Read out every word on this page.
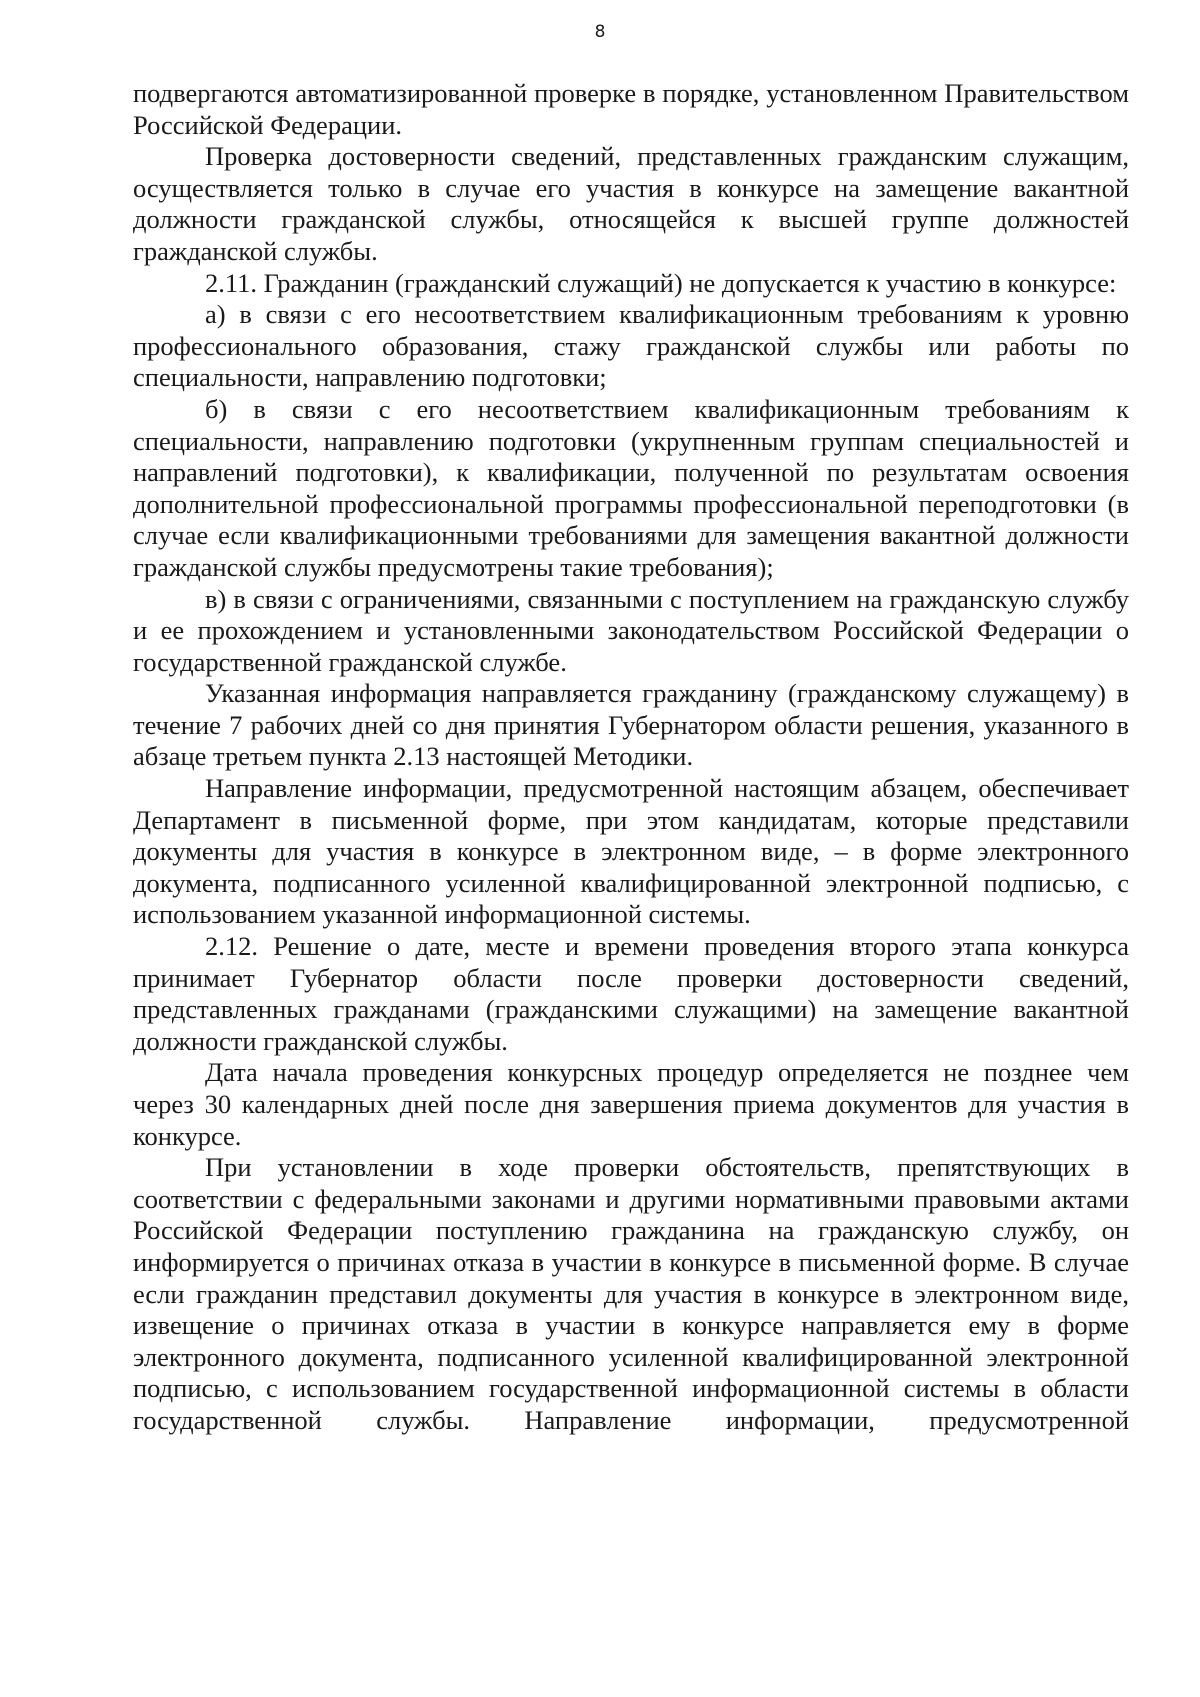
8

подвергаются автоматизированной проверке в порядке, установленном Правительством Российской Федерации.

Проверка достоверности сведений, представленных гражданским служащим, осуществляется только в случае его участия в конкурсе на замещение вакантной должности гражданской службы, относящейся к высшей группе должностей гражданской службы.

2.11. Гражданин (гражданский служащий) не допускается к участию в конкурсе:

а) в связи с его несоответствием квалификационным требованиям к уровню профессионального образования, стажу гражданской службы или работы по специальности, направлению подготовки;

б) в связи с его несоответствием квалификационным требованиям к специальности, направлению подготовки (укрупненным группам специальностей и направлений подготовки), к квалификации, полученной по результатам освоения дополнительной профессиональной программы профессиональной переподготовки (в случае если квалификационными требованиями для замещения вакантной должности гражданской службы предусмотрены такие требования);

в) в связи с ограничениями, связанными с поступлением на гражданскую службу и ее прохождением и установленными законодательством Российской Федерации о государственной гражданской службе.

Указанная информация направляется гражданину (гражданскому служащему) в течение 7 рабочих дней со дня принятия Губернатором области решения, указанного в абзаце третьем пункта 2.13 настоящей Методики.

Направление информации, предусмотренной настоящим абзацем, обеспечивает Департамент в письменной форме, при этом кандидатам, которые представили документы для участия в конкурсе в электронном виде, – в форме электронного документа, подписанного усиленной квалифицированной электронной подписью, с использованием указанной информационной системы.

2.12. Решение о дате, месте и времени проведения второго этапа конкурса принимает Губернатор области после проверки достоверности сведений, представленных гражданами (гражданскими служащими) на замещение вакантной должности гражданской службы.

Дата начала проведения конкурсных процедур определяется не позднее чем через 30 календарных дней после дня завершения приема документов для участия в конкурсе.

При установлении в ходе проверки обстоятельств, препятствующих в соответствии с федеральными законами и другими нормативными правовыми актами Российской Федерации поступлению гражданина на гражданскую службу, он информируется о причинах отказа в участии в конкурсе в письменной форме. В случае если гражданин представил документы для участия в конкурсе в электронном виде, извещение о причинах отказа в участии в конкурсе направляется ему в форме электронного документа, подписанного усиленной квалифицированной электронной подписью, с использованием государственной информационной системы в области государственной службы. Направление информации, предусмотренной
